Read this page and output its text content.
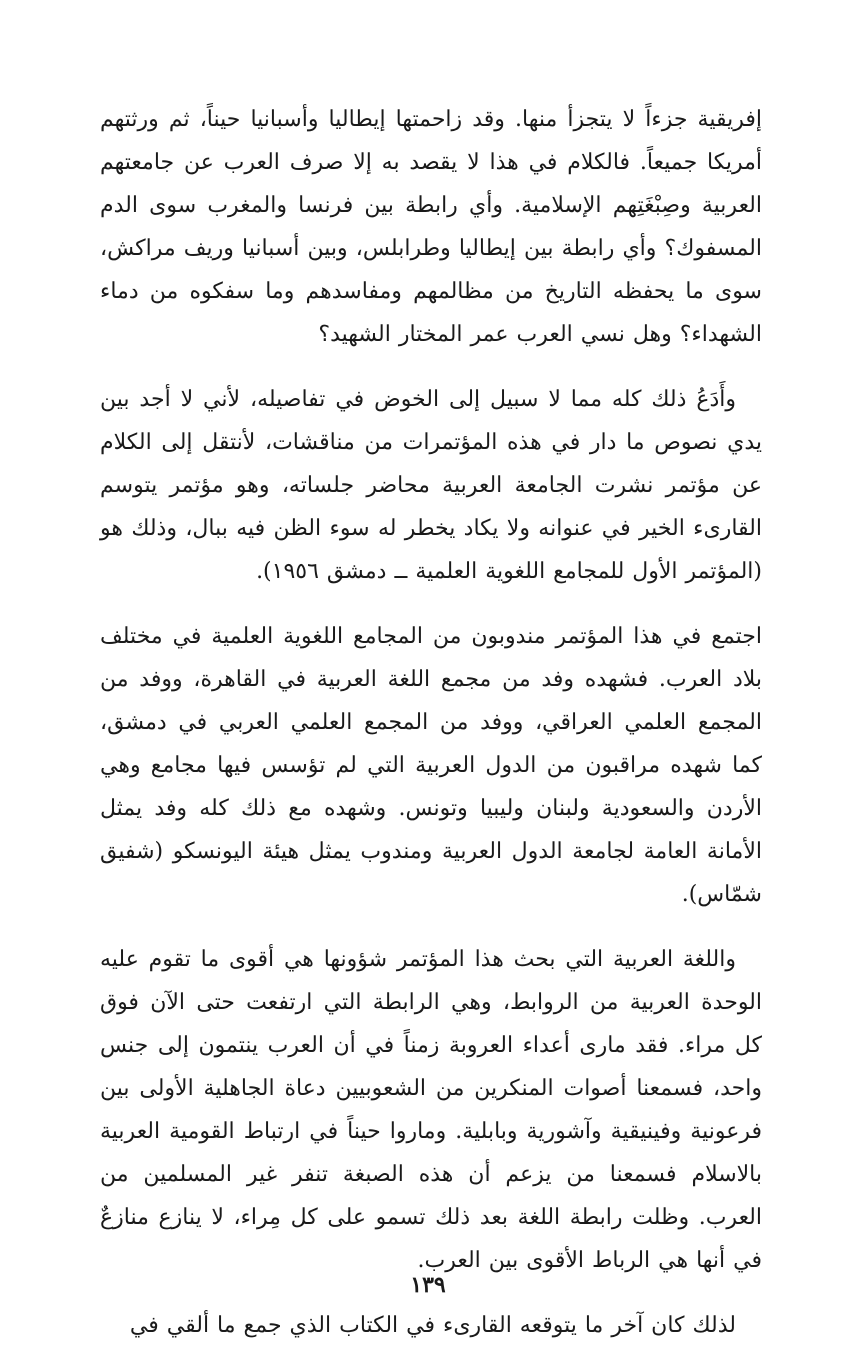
إفريقية جزءاً لا يتجزأ منها. وقد زاحمتها إيطاليا وأسبانيا حيناً، ثم ورثتهم أمريكا جميعاً. فالكلام في هذا لا يقصد به إلا صرف العرب عن جامعتهم العربية وصِبْغَتِهم الإسلامية. وأي رابطة بين فرنسا والمغرب سوى الدم المسفوك؟ وأي رابطة بين إيطاليا وطرابلس، وبين أسبانيا وريف مراكش، سوى ما يحفظه التاريخ من مظالمهم ومفاسدهم وما سفكوه من دماء الشهداء؟ وهل نسي العرب عمر المختار الشهيد؟

وأَدَعُ ذلك كله مما لا سبيل إلى الخوض في تفاصيله، لأني لا أجد بين يدي نصوص ما دار في هذه المؤتمرات من مناقشات، لأنتقل إلى الكلام عن مؤتمر نشرت الجامعة العربية محاضر جلساته، وهو مؤتمر يتوسم القارىء الخير في عنوانه ولا يكاد يخطر له سوء الظن فيه ببال، وذلك هو (المؤتمر الأول للمجامع اللغوية العلمية ــ دمشق ١٩٥٦).

اجتمع في هذا المؤتمر مندوبون من المجامع اللغوية العلمية في مختلف بلاد العرب. فشهده وفد من مجمع اللغة العربية في القاهرة، ووفد من المجمع العلمي العراقي، ووفد من المجمع العلمي العربي في دمشق، كما شهده مراقبون من الدول العربية التي لم تؤسس فيها مجامع وهي الأردن والسعودية ولبنان وليبيا وتونس. وشهده مع ذلك كله وفد يمثل الأمانة العامة لجامعة الدول العربية ومندوب يمثل هيئة اليونسكو (شفيق شمّاس).

واللغة العربية التي بحث هذا المؤتمر شؤونها هي أقوى ما تقوم عليه الوحدة العربية من الروابط، وهي الرابطة التي ارتفعت حتى الآن فوق كل مراء. فقد مارى أعداء العروبة زمناً في أن العرب ينتمون إلى جنس واحد، فسمعنا أصوات المنكرين من الشعوبيين دعاة الجاهلية الأولى بين فرعونية وفينيقية وآشورية وبابلية. وماروا حيناً في ارتباط القومية العربية بالاسلام فسمعنا من يزعم أن هذه الصبغة تنفر غير المسلمين من العرب. وظلت رابطة اللغة بعد ذلك تسمو على كل مِراء، لا ينازع منازعٌ في أنها هي الرباط الأقوى بين العرب.

لذلك كان آخر ما يتوقعه القارىء في الكتاب الذي جمع ما ألقي في

١٣٩
